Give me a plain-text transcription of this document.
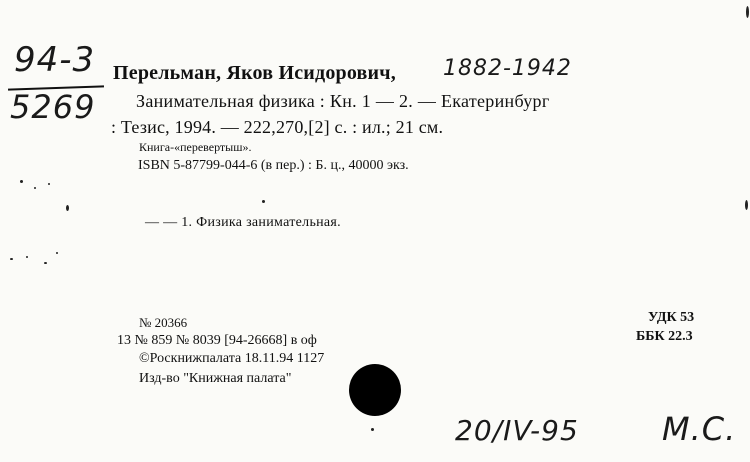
94-3
5269
Перельман, Яков Исидорович, 1882-1942
Занимательная физика : Кн. 1 — 2. — Екатеринбург
: Тезис, 1994. — 222,270,[2] с. : ил.; 21 см.
Книга-«перевертыш».
ISBN 5-87799-044-6 (в пер.) : Б. ц., 40000 экз.
— — 1. Физика занимательная.
№ 20366
13 № 859 № 8039 [94-26668] в оф
©Роскнижпалата 18.11.94 1127
Изд-во "Книжная палата"
УДК 53
ББК 22.3
20/IV-95	М.С.
